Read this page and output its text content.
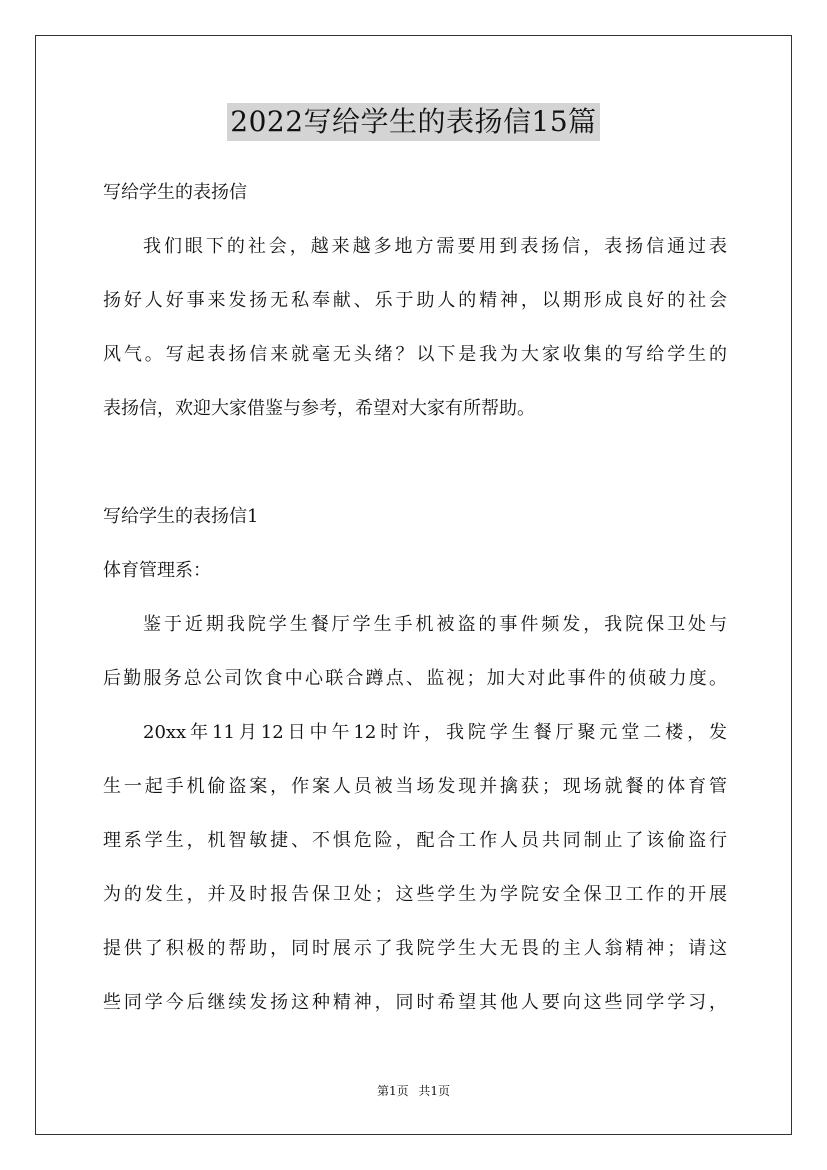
2022写给学生的表扬信15篇
写给学生的表扬信
我们眼下的社会，越来越多地方需要用到表扬信，表扬信通过表
扬好人好事来发扬无私奉献、乐于助人的精神，以期形成良好的社会
风气。写起表扬信来就毫无头绪？以下是我为大家收集的写给学生的
表扬信，欢迎大家借鉴与参考，希望对大家有所帮助。
写给学生的表扬信1
体育管理系：
鉴于近期我院学生餐厅学生手机被盗的事件频发，我院保卫处与
后勤服务总公司饮食中心联合蹲点、监视；加大对此事件的侦破力度。
20xx年11月12日中午12时许，我院学生餐厅聚元堂二楼，发
生一起手机偷盗案，作案人员被当场发现并擒获；现场就餐的体育管
理系学生，机智敏捷、不惧危险，配合工作人员共同制止了该偷盗行
为的发生，并及时报告保卫处；这些学生为学院安全保卫工作的开展
提供了积极的帮助，同时展示了我院学生大无畏的主人翁精神；请这
些同学今后继续发扬这种精神，同时希望其他人要向这些同学学习，
第1页 共1页
